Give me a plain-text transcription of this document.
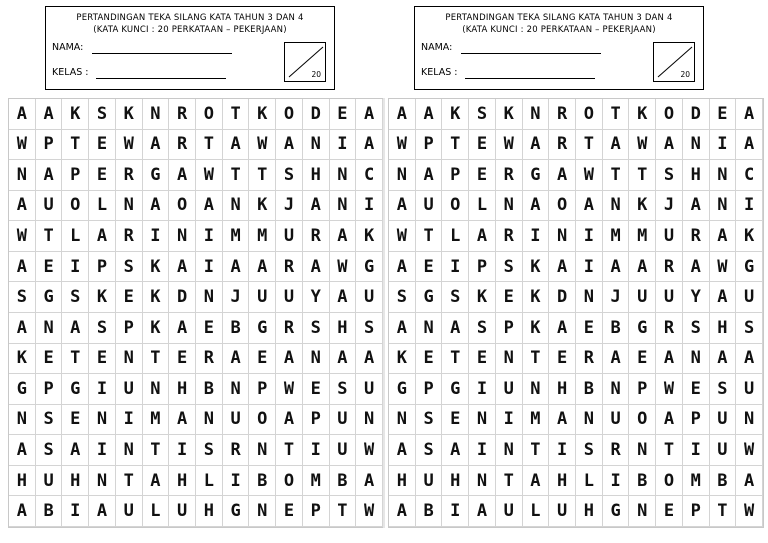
PERTANDINGAN TEKA SILANG KATA TAHUN 3 DAN 4
(KATA KUNCI : 20 PERKATAAN – PEKERJAAN)
NAMA:
KELAS :	20
A A K S K N R O T K O D E A
W P T E W A R T A W A N I A
N A P E R G A W T T S H N C
A U O L N A O A N K J A N I
W T L A R I N I M M U R A K
A E I P S K A I A A R A W G
S G S K E K D N J U U Y A U
A N A S P K A E B G R S H S
K E T E N T E R A E A N A A
G P G I U N H B N P W E S U
N S E N I M A N U O A P U N
A S A I N T I S R N T I U W
H U H N T A H L I B O M B A
A B I A U L U H G N E P T W
PERTANDINGAN TEKA SILANG KATA TAHUN 3 DAN 4
(KATA KUNCI : 20 PERKATAAN – PEKERJAAN)
NAMA:
KELAS :	20
A A K S K N R O T K O D E A
W P T E W A R T A W A N I A
N A P E R G A W T T S H N C
A U O L N A O A N K J A N I
W T L A R I N I M M U R A K
A E I P S K A I A A R A W G
S G S K E K D N J U U Y A U
A N A S P K A E B G R S H S
K E T E N T E R A E A N A A
G P G I U N H B N P W E S U
N S E N I M A N U O A P U N
A S A I N T I S R N T I U W
H U H N T A H L I B O M B A
A B I A U L U H G N E P T W
